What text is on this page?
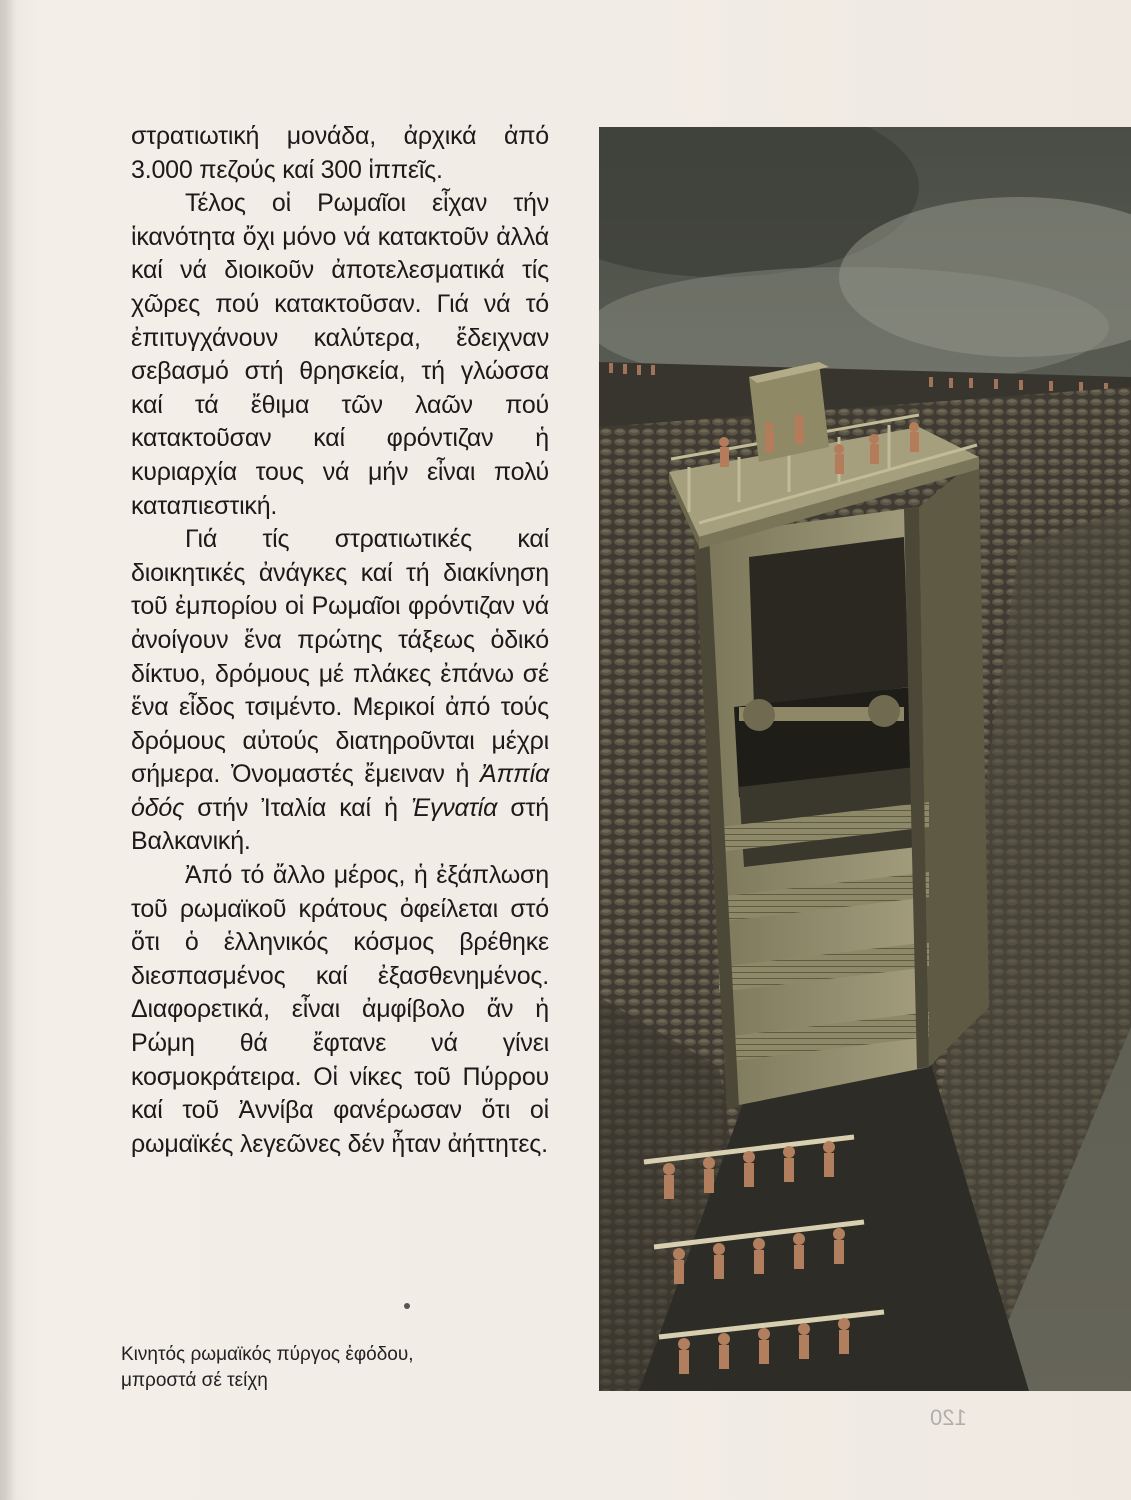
στρατιωτική μονάδα, ἀρχικά ἀπό 3.000 πεζούς καί 300 ἱππεῖς.

Τέλος οἱ Ρωμαῖοι εἶχαν τήν ἱκανότητα ὄχι μόνο νά κατακτοῦν ἀλλά καί νά διοικοῦν ἀποτελεσματικά τίς χῶρες πού κατακτοῦσαν. Γιά νά τό ἐπιτυγχάνουν καλύτερα, ἔδειχναν σεβασμό στή θρησκεία, τή γλώσσα καί τά ἔθιμα τῶν λαῶν πού κατακτοῦσαν καί φρόντιζαν ἡ κυριαρχία τους νά μήν εἶναι πολύ καταπιεστική.

Γιά τίς στρατιωτικές καί διοικητικές ἀνάγκες καί τή διακίνηση τοῦ ἐμπορίου οἱ Ρωμαῖοι φρόντιζαν νά ἀνοίγουν ἕνα πρώτης τάξεως ὁδικό δίκτυο, δρόμους μέ πλάκες ἐπάνω σέ ἕνα εἶδος τσιμέντο. Μερικοί ἀπό τούς δρόμους αὐτούς διατηροῦνται μέχρι σήμερα. Ὀνομαστές ἔμειναν ἡ Ἀππία ὁδός στήν Ἰταλία καί ἡ Ἐγνατία στή Βαλκανική.

Ἀπό τό ἄλλο μέρος, ἡ ἐξάπλωση τοῦ ρωμαϊκοῦ κράτους ὀφείλεται στό ὅτι ὁ ἑλληνικός κόσμος βρέθηκε διεσπασμένος καί ἐξασθενημένος. Διαφορετικά, εἶναι ἀμφίβολο ἄν ἡ Ρώμη θά ἔφτανε νά γίνει κοσμοκράτειρα. Οἱ νίκες τοῦ Πύρρου καί τοῦ Ἀννίβα φανέρωσαν ὅτι οἱ ρωμαϊκές λεγεῶνες δέν ἦταν ἀήττητες.

Κινητός ρωμαϊκός πύργος ἐφόδου,
μπροστά σέ τείχη
120
